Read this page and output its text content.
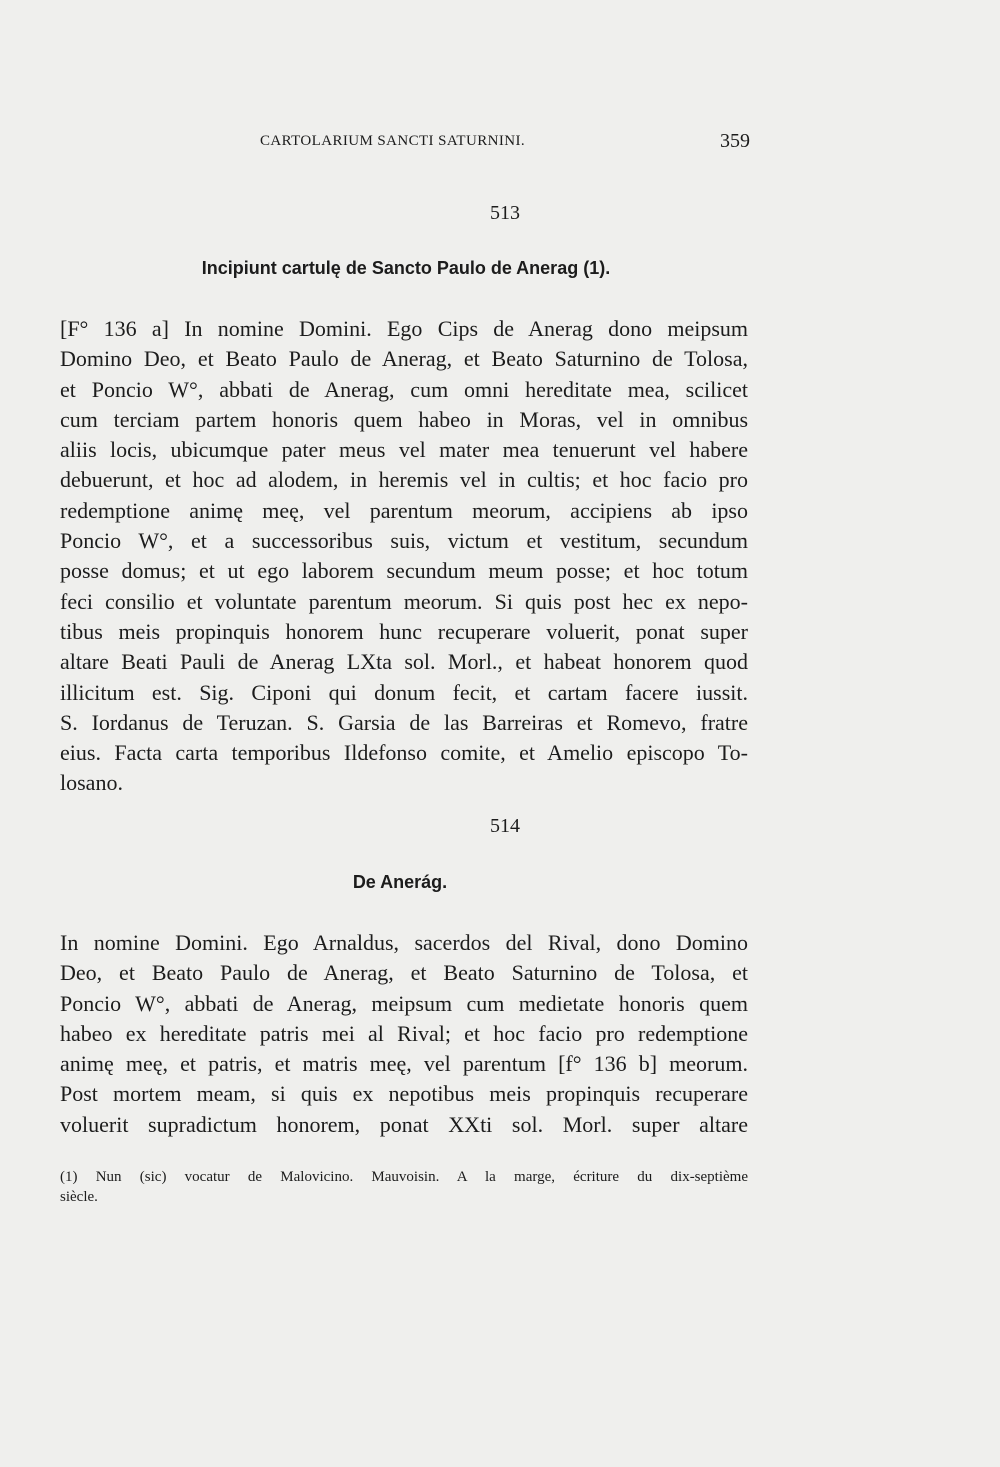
CARTOLARIUM SANCTI SATURNINI.	359
513
Incipiunt cartulę de Sancto Paulo de Anerag (1).
[F° 136 a] In nomine Domini. Ego Cips de Anerag dono meipsum
Domino Deo, et Beato Paulo de Anerag, et Beato Saturnino de Tolosa,
et Poncio W°, abbati de Anerag, cum omni hereditate mea, scilicet
cum terciam partem honoris quem habeo in Moras, vel in omnibus
aliis locis, ubicumque pater meus vel mater mea tenuerunt vel habere
debuerunt, et hoc ad alodem, in heremis vel in cultis; et hoc facio pro
redemptione animę meę, vel parentum meorum, accipiens ab ipso
Poncio W°, et a successoribus suis, victum et vestitum, secundum
posse domus; et ut ego laborem secundum meum posse; et hoc totum
feci consilio et voluntate parentum meorum. Si quis post hec ex nepo-
tibus meis propinquis honorem hunc recuperare voluerit, ponat super
altare Beati Pauli de Anerag LXta sol. Morl., et habeat honorem quod
illicitum est. Sig. Ciponi qui donum fecit, et cartam facere iussit.
S. Iordanus de Teruzan. S. Garsia de las Barreiras et Romevo, fratre
eius. Facta carta temporibus Ildefonso comite, et Amelio episcopo To-
losano.
514
De Anerág.
In nomine Domini. Ego Arnaldus, sacerdos del Rival, dono Domino
Deo, et Beato Paulo de Anerag, et Beato Saturnino de Tolosa, et
Poncio W°, abbati de Anerag, meipsum cum medietate honoris quem
habeo ex hereditate patris mei al Rival; et hoc facio pro redemptione
animę meę, et patris, et matris meę, vel parentum [f° 136 b] meorum.
Post mortem meam, si quis ex nepotibus meis propinquis recuperare
voluerit supradictum honorem, ponat XXti sol. Morl. super altare
(1) Nun (sic) vocatur de Malovicino. Mauvoisin. A la marge, écriture du dix-septième
siècle.
